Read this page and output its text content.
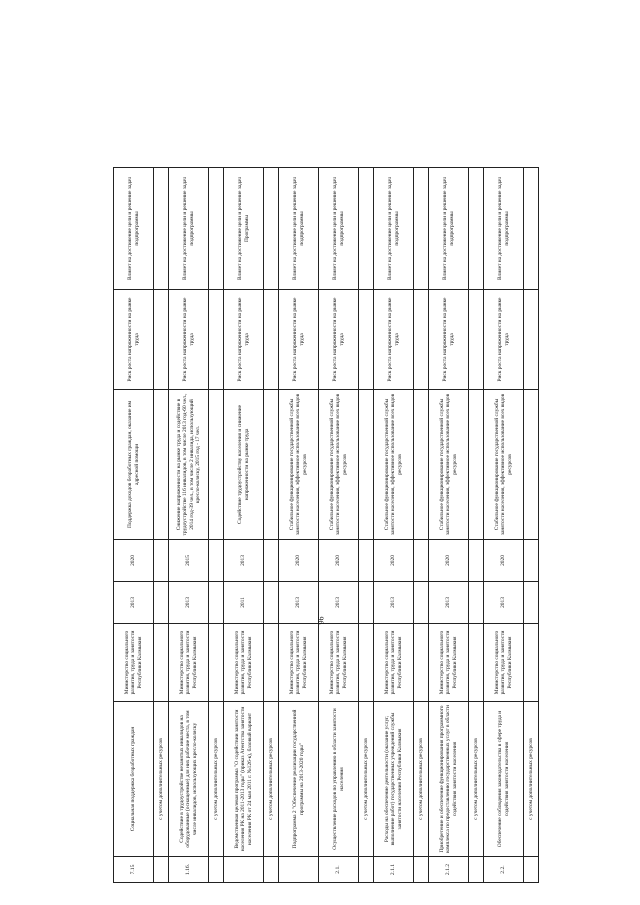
7.15	Социальная поддержка безработных граждан	Министерство социального развития, труда и занятости Республики Калмыкия	2013	2020	Поддержка доходов безработных граждан, оказание им адресной помощи	Риск роста напряженности на рынке труда	Влияет на достижение цели и решение задач подпрограммы
	с учетом дополнительных ресурсов						
1.16.	Содействие в трудоустройстве незанятых инвалидов на оборудованные (оснащенные) для них рабочие места, в том числе инвалидов, использующих кресло-коляску	Министерство социального развития, труда и занятости Республики Калмыкия	2013	2015	Снижение напряженности на рынке труда и содействие в трудоустройстве 116 инвалидов, в том числе 2013 год-60 чел., 2014 год-39 чел., в том числе 2 инвалида, использующий кресло-коляску, 2015 год - 17 чел.	Риск роста напряженности на рынке труда	Влияет на достижение цели и решение задач подпрограммы
	с учетом дополнительных ресурсов						
	Ведомственная целевая программа "О содействии занятости населения РК на 2011-2013 годы" (приказ Агентства занятости населения РК от 24 мая 2011 г. №126-к), базовый вариант	Министерство социального развития, труда и занятости Республики Калмыкия	2011	2013	Содействие трудоустройству населения и снижение напряженности на рынке труда	Риск роста напряженности на рынке труда	Влияет на достижение цели и решение задач Программы
	с учетом дополнительных ресурсов						
	Подпрограмма 2 "Обеспечение реализации государственной программы на 2013-2020 годы"	Министерство социального развития, труда и занятости Республики Калмыкия	2013	2020	Стабильное функционирование государственной службы занятости населения, эффективное использование всех видов ресурсов	Риск роста напряженности на рынке труда	Влияет на достижение цели и решение задач подпрограммы
2.1.	Осуществление расходов по управлению в области занятости населения	Министерство социального развития, труда и занятости Республики Калмыкия	2013	2020	Стабильное функционирование государственной службы занятости населения, эффективное использование всех видов ресурсов	Риск роста напряженности на рынке труда	Влияет на достижение цели и решение задач подпрограммы
	с учетом дополнительных ресурсов						
2.1.1	Расходы на обеспечение деятельности (оказание услуг, выполнение работ) государственных учреждений службы занятости населения Республики Калмыкия	Министерство социального развития, труда и занятости Республики Калмыкия	2013	2020	Стабильное функционирование государственной службы занятости населения, эффективное использование всех видов ресурсов	Риск роста напряженности на рынке труда	Влияет на достижение цели и решение задач подпрограммы
	с учетом дополнительных ресурсов						
2.1.2	Приобретение и обеспечение функционирования программного комплекса по предоставлению государственных услуг в области содействия занятости населения	Министерство социального развития, труда и занятости Республики Калмыкия	2013	2020	Стабильное функционирование государственной службы занятости населения, эффективное использование всех видов ресурсов	Риск роста напряженности на рынке труда	Влияет на достижение цели и решение задач подпрограммы
	с учетом дополнительных ресурсов						
2.2.	Обеспечение соблюдения законодательства в сфере труда и содействия занятости населения	Министерство социального развития, труда и занятости Республики Калмыкия	2013	2020	Стабильное функционирование государственной службы занятости населения, эффективное использование всех видов ресурсов	Риск роста напряженности на рынке труда	Влияет на достижение цели и решение задач подпрограммы
	с учетом дополнительных ресурсов						
96
